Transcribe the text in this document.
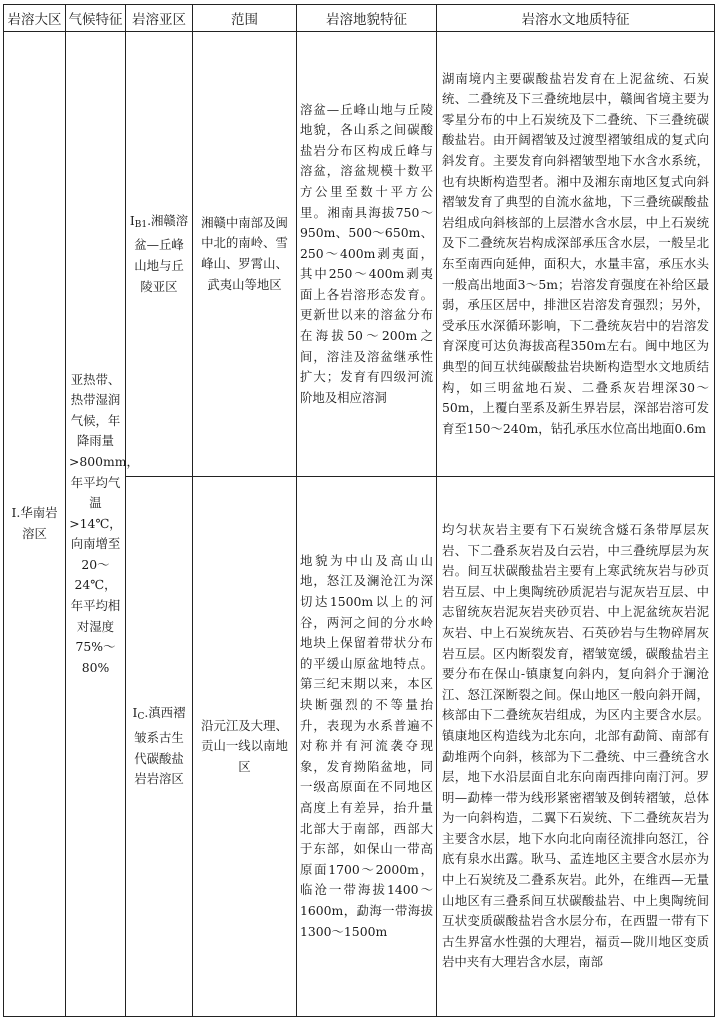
岩溶大区	气候特征	岩溶亚区	范围	岩溶地貌特征	岩溶水文地质特征

Ⅰ.华南岩溶区	亚热带、热带湿润气候，年降雨量>800mm，年平均气温>14℃，向南增至20～24℃，年平均相对湿度75%～80%	$Ⅰ_{B1}$.湘赣溶盆—丘峰山地与丘陵亚区	湘赣中南部及闽中北的南岭、雪峰山、罗霄山、武夷山等地区	溶盆—丘峰山地与丘陵地貌，各山系之间碳酸盐岩分布区构成丘峰与溶盆，溶盆规模十数平方公里至数十平方公里。湘南具海拔750～950m、500～650m、250～400m剥夷面，其中250～400m剥夷面上各岩溶形态发育。更新世以来的溶盆分布在海拔50～200m之间，溶洼及溶盆继承性扩大；发育有四级河流阶地及相应溶洞	湖南境内主要碳酸盐岩发育在上泥盆统、石炭统、二叠统及下三叠统地层中，赣闽省境主要为零星分布的中上石炭统及下二叠统、下三叠统碳酸盐岩。由开阔褶皱及过渡型褶皱组成的复式向斜发育。主要发育向斜褶皱型地下水含水系统，也有块断构造型者。湘中及湘东南地区复式向斜褶皱发育了典型的自流水盆地，下三叠统碳酸盐岩组成向斜核部的上层潜水含水层，中上石炭统及下二叠统灰岩构成深部承压含水层，一般呈北东至南西向延伸，面积大，水量丰富，承压水头一般高出地面3～5m；岩溶发育强度在补给区最弱，承压区居中，排泄区岩溶发育强烈；另外，受承压水深循环影响，下二叠统灰岩中的岩溶发育深度可达负海拔高程350m左右。闽中地区为典型的间互状纯碳酸盐岩块断构造型水文地质结构，如三明盆地石炭、二叠系灰岩埋深30～50m，上覆白垩系及新生界岩层，深部岩溶可发育至150～240m，钻孔承压水位高出地面0.6m

		$Ⅰ_C$.滇西褶皱系古生代碳酸盐岩岩溶区	沿元江及大理、贡山一线以南地区	地貌为中山及高山山地，怒江及澜沧江为深切达1500m以上的河谷，两河之间的分水岭地块上保留着带状分布的平缓山原盆地特点。第三纪末期以来，本区块断强烈的不等量抬升，表现为水系普遍不对称并有河流袭夺现象，发育拗陷盆地，同一级高原面在不同地区高度上有差异，抬升量北部大于南部，西部大于东部，如保山一带高原面1700～2000m，临沧一带海拔1400～1600m，勐海一带海拔1300～1500m	均匀状灰岩主要有下石炭统含燧石条带厚层灰岩、下二叠系灰岩及白云岩，中三叠统厚层为灰岩。间互状碳酸盐岩主要有上寒武统灰岩与砂页岩互层、中上奥陶统砂质泥岩与泥灰岩互层、中志留统灰岩泥灰岩夹砂页岩、中上泥盆统灰岩泥灰岩、中上石炭统灰岩、石英砂岩与生物碎屑灰岩互层。区内断裂发育，褶皱宽缓，碳酸盐岩主要分布在保山-镇康复向斜内，复向斜介于澜沧江、怒江深断裂之间。保山地区一般向斜开阔，核部由下二叠统灰岩组成，为区内主要含水层。镇康地区构造线为北东向，北部有勐简、南部有勐堆两个向斜，核部为下二叠统、中三叠统含水层，地下水沿层面自北东向南西排向南汀河。罗明—勐棒一带为线形紧密褶皱及倒转褶皱，总体为一向斜构造，二翼下石炭统、下二叠统灰岩为主要含水层，地下水向北向南径流排向怒江，谷底有泉水出露。耿马、孟连地区主要含水层亦为中上石炭统及二叠系灰岩。此外，在维西—无量山地区有三叠系间互状碳酸盐岩、中上奥陶统间互状变质碳酸盐岩含水层分布，在西盟一带有下古生界富水性强的大理岩，福贡—陇川地区变质岩中夹有大理岩含水层，南部
